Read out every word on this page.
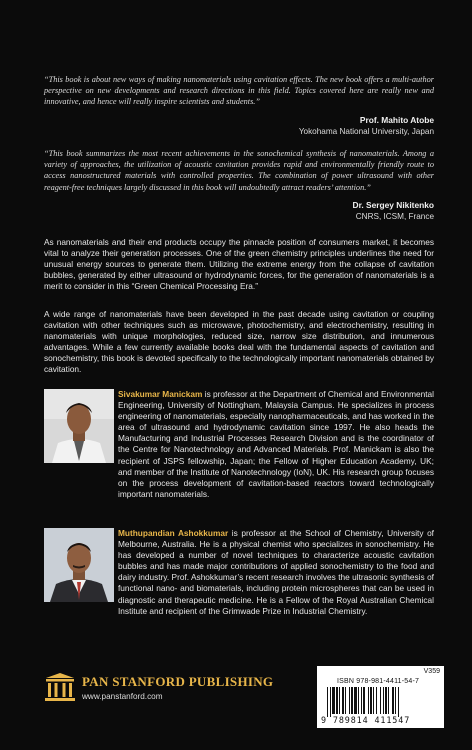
“This book is about new ways of making nanomaterials using cavitation effects. The new book offers a multi-author perspective on new developments and research directions in this field. Topics covered here are really new and innovative, and hence will really inspire scientists and students.”

Prof. Mahito Atobe
Yokohama National University, Japan

“This book summarizes the most recent achievements in the sonochemical synthesis of nanomaterials. Among a variety of approaches, the utilization of acoustic cavitation provides rapid and environmentally friendly route to access nanostructured materials with controlled properties. The combination of power ultrasound with other reagent-free techniques largely discussed in this book will undoubtedly attract readers’ attention.”

Dr. Sergey Nikitenko
CNRS, ICSM, France

As nanomaterials and their end products occupy the pinnacle position of consumers market, it becomes vital to analyze their generation processes. One of the green chemistry principles underlines the need for unusual energy sources to generate them. Utilizing the extreme energy from the collapse of cavitation bubbles, generated by either ultrasound or hydrodynamic forces, for the generation of nanomaterials is a merit to consider in this “Green Chemical Processing Era.”

A wide range of nanomaterials have been developed in the past decade using cavitation or coupling cavitation with other techniques such as microwave, photochemistry, and electrochemistry, resulting in nanomaterials with unique morphologies, reduced size, narrow size distribution, and innumerous advantages. While a few currently available books deal with the fundamental aspects of cavitation and sonochemistry, this book is devoted specifically to the technologically important nanomaterials obtained by cavitation.

Sivakumar Manickam is professor at the Department of Chemical and Environmental Engineering, University of Nottingham, Malaysia Campus. He specializes in process engineering of nanomaterials, especially nanopharmaceuticals, and has worked in the area of ultrasound and hydrodynamic cavitation since 1997. He also heads the Manufacturing and Industrial Processes Research Division and is the coordinator of the Centre for Nanotechnology and Advanced Materials. Prof. Manickam is also the recipient of JSPS fellowship, Japan; the Fellow of Higher Education Academy, UK; and member of the Institute of Nanotechnology (IoN), UK. His research group focuses on the process development of cavitation-based reactors toward technologically important nanomaterials.

Muthupandian Ashokkumar is professor at the School of Chemistry, University of Melbourne, Australia. He is a physical chemist who specializes in sonochemistry. He has developed a number of novel techniques to characterize acoustic cavitation bubbles and has made major contributions of applied sonochemistry to the food and dairy industry. Prof. Ashokkumar’s recent research involves the ultrasonic synthesis of functional nano- and biomaterials, including protein microspheres that can be used in diagnostic and therapeutic medicine. He is a Fellow of the Royal Australian Chemical Institute and recipient of the Grimwade Prize in Industrial Chemistry.

PAN STANFORD PUBLISHING
www.panstanford.com
V359
ISBN 978-981-4411-54-7
9 789814 411547
